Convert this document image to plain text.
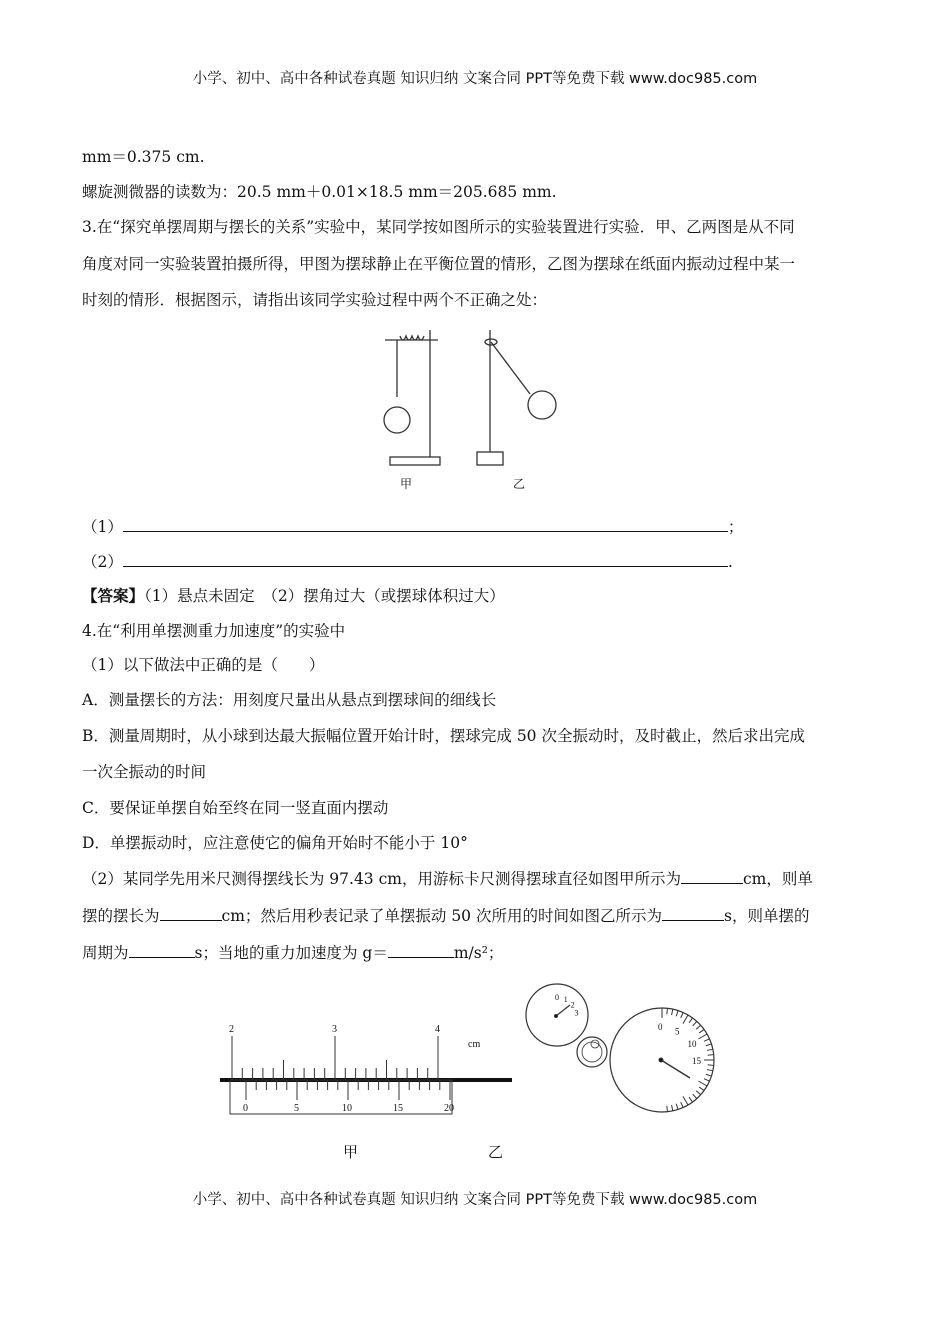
小学、初中、高中各种试卷真题 知识归纳 文案合同 PPT等免费下载 www.doc985.com
mm＝0.375 cm.
螺旋测微器的读数为：20.5 mm＋0.01×18.5 mm＝205.685 mm.
3.在“探究单摆周期与摆长的关系”实验中，某同学按如图所示的实验装置进行实验．甲、乙两图是从不同
角度对同一实验装置拍摄所得，甲图为摆球静止在平衡位置的情形，乙图为摆球在纸面内振动过程中某一
时刻的情形．根据图示，请指出该同学实验过程中两个不正确之处：
甲	乙
（1）	；
（2）	.
【答案】（1）悬点未固定　（2）摆角过大（或摆球体积过大）
4.在“利用单摆测重力加速度”的实验中
（1）以下做法中正确的是（　　）
A．测量摆长的方法：用刻度尺量出从悬点到摆球间的细线长
B．测量周期时，从小球到达最大振幅位置开始计时，摆球完成 50 次全振动时，及时截止，然后求出完成
一次全振动的时间
C．要保证单摆自始至终在同一竖直面内摆动
D．单摆振动时，应注意使它的偏角开始时不能小于 10°
（2）某同学先用米尺测得摆线长为 97.43 cm，用游标卡尺测得摆球直径如图甲所示为	cm，则单
摆的摆长为	cm；然后用秒表记录了单摆振动 50 次所用的时间如图乙所示为	s，则单摆的
周期为	s；当地的重力加速度为 g＝	m/s²；
cm
2	3	4
0	5	10	15	20
0 5
10
15
0 1
2
3
甲	乙
小学、初中、高中各种试卷真题 知识归纳 文案合同 PPT等免费下载 www.doc985.com
